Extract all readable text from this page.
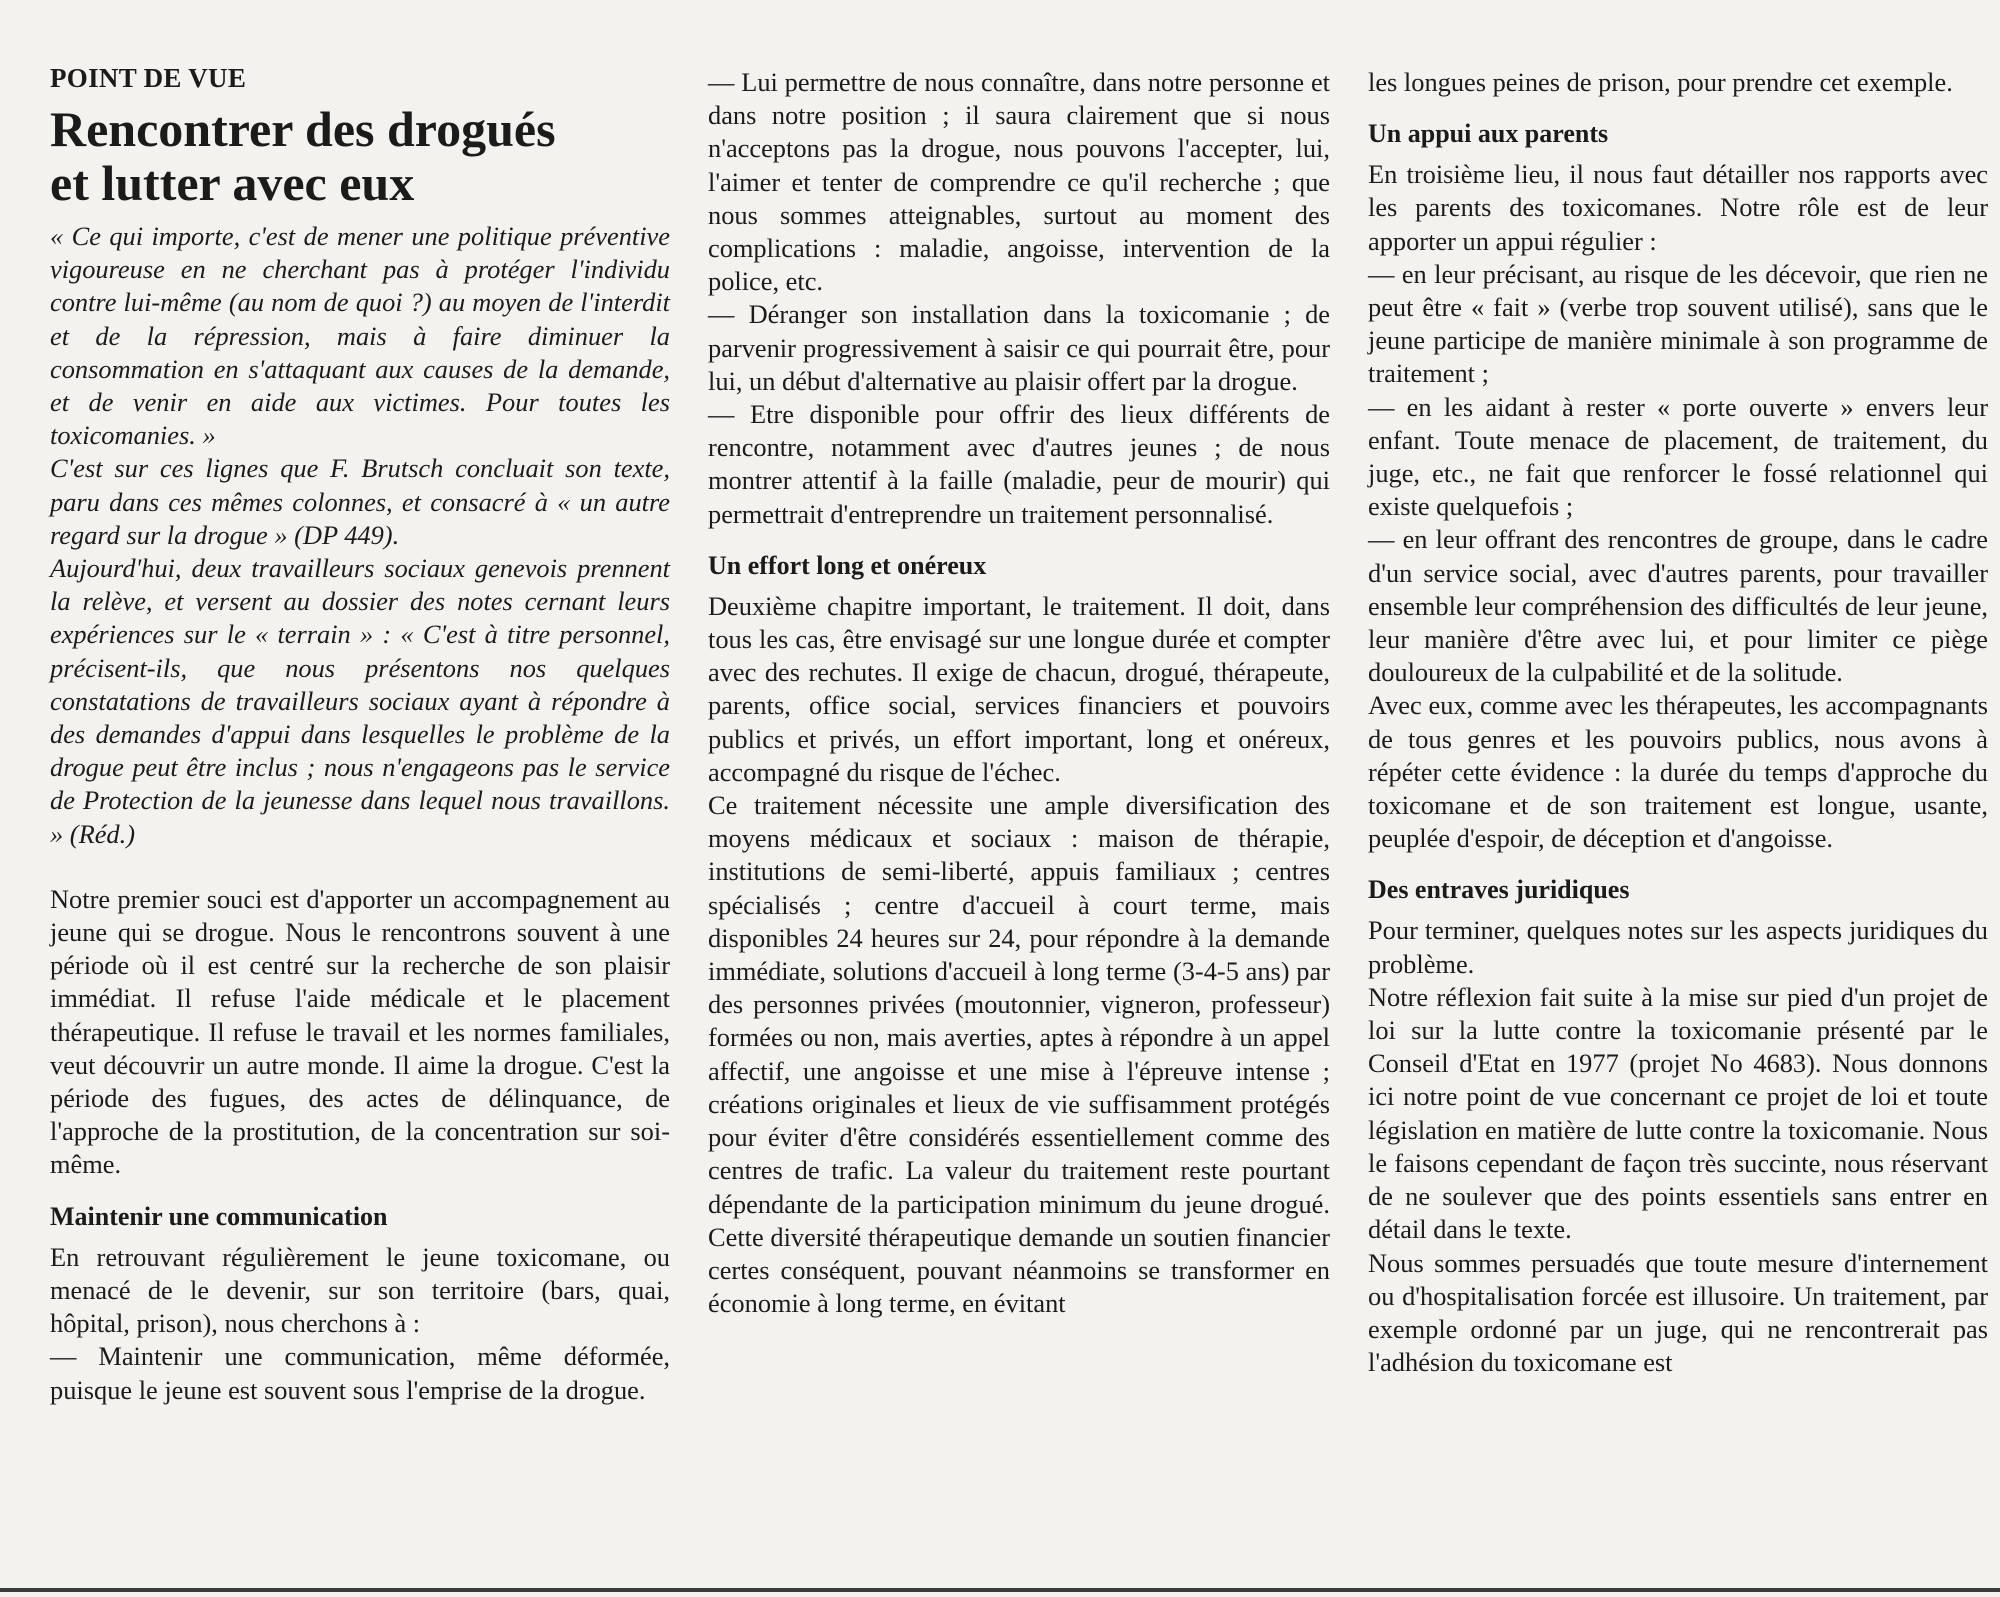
POINT DE VUE
Rencontrer des drogués
et lutter avec eux

« Ce qui importe, c'est de mener une politique préventive vigoureuse en ne cherchant pas à protéger l'individu contre lui-même (au nom de quoi ?) au moyen de l'interdit et de la répression, mais à faire diminuer la consommation en s'attaquant aux causes de la demande, et de venir en aide aux victimes. Pour toutes les toxicomanies. »

C'est sur ces lignes que F. Brutsch concluait son texte, paru dans ces mêmes colonnes, et consacré à « un autre regard sur la drogue » (DP 449).

Aujourd'hui, deux travailleurs sociaux genevois prennent la relève, et versent au dossier des notes cernant leurs expériences sur le « terrain » : « C'est à titre personnel, précisent-ils, que nous présentons nos quelques constatations de travailleurs sociaux ayant à répondre à des demandes d'appui dans lesquelles le problème de la drogue peut être inclus ; nous n'engageons pas le service de Protection de la jeunesse dans lequel nous travaillons. » (Réd.)

Notre premier souci est d'apporter un accompagnement au jeune qui se drogue. Nous le rencontrons souvent à une période où il est centré sur la recherche de son plaisir immédiat. Il refuse l'aide médicale et le placement thérapeutique. Il refuse le travail et les normes familiales, veut découvrir un autre monde. Il aime la drogue. C'est la période des fugues, des actes de délinquance, de l'approche de la prostitution, de la concentration sur soi-même.

Maintenir une communication

En retrouvant régulièrement le jeune toxicomane, ou menacé de le devenir, sur son territoire (bars, quai, hôpital, prison), nous cherchons à :

— Maintenir une communication, même déformée, puisque le jeune est souvent sous l'emprise de la drogue.

— Lui permettre de nous connaître, dans notre personne et dans notre position ; il saura clairement que si nous n'acceptons pas la drogue, nous pouvons l'accepter, lui, l'aimer et tenter de comprendre ce qu'il recherche ; que nous sommes atteignables, surtout au moment des complications : maladie, angoisse, intervention de la police, etc.

— Déranger son installation dans la toxicomanie ; de parvenir progressivement à saisir ce qui pourrait être, pour lui, un début d'alternative au plaisir offert par la drogue.

— Etre disponible pour offrir des lieux différents de rencontre, notamment avec d'autres jeunes ; de nous montrer attentif à la faille (maladie, peur de mourir) qui permettrait d'entreprendre un traitement personnalisé.

Un effort long et onéreux

Deuxième chapitre important, le traitement. Il doit, dans tous les cas, être envisagé sur une longue durée et compter avec des rechutes. Il exige de chacun, drogué, thérapeute, parents, office social, services financiers et pouvoirs publics et privés, un effort important, long et onéreux, accompagné du risque de l'échec.

Ce traitement nécessite une ample diversification des moyens médicaux et sociaux : maison de thérapie, institutions de semi-liberté, appuis familiaux ; centres spécialisés ; centre d'accueil à court terme, mais disponibles 24 heures sur 24, pour répondre à la demande immédiate, solutions d'accueil à long terme (3-4-5 ans) par des personnes privées (moutonnier, vigneron, professeur) formées ou non, mais averties, aptes à répondre à un appel affectif, une angoisse et une mise à l'épreuve intense ; créations originales et lieux de vie suffisamment protégés pour éviter d'être considérés essentiellement comme des centres de trafic. La valeur du traitement reste pourtant dépendante de la participation minimum du jeune drogué. Cette diversité thérapeutique demande un soutien financier certes conséquent, pouvant néanmoins se transformer en économie à long terme, en évitant

les longues peines de prison, pour prendre cet exemple.

Un appui aux parents

En troisième lieu, il nous faut détailler nos rapports avec les parents des toxicomanes. Notre rôle est de leur apporter un appui régulier :

— en leur précisant, au risque de les décevoir, que rien ne peut être « fait » (verbe trop souvent utilisé), sans que le jeune participe de manière minimale à son programme de traitement ;

— en les aidant à rester « porte ouverte » envers leur enfant. Toute menace de placement, de traitement, du juge, etc., ne fait que renforcer le fossé relationnel qui existe quelquefois ;

— en leur offrant des rencontres de groupe, dans le cadre d'un service social, avec d'autres parents, pour travailler ensemble leur compréhension des difficultés de leur jeune, leur manière d'être avec lui, et pour limiter ce piège douloureux de la culpabilité et de la solitude.

Avec eux, comme avec les thérapeutes, les accompagnants de tous genres et les pouvoirs publics, nous avons à répéter cette évidence : la durée du temps d'approche du toxicomane et de son traitement est longue, usante, peuplée d'espoir, de déception et d'angoisse.

Des entraves juridiques

Pour terminer, quelques notes sur les aspects juridiques du problème.

Notre réflexion fait suite à la mise sur pied d'un projet de loi sur la lutte contre la toxicomanie présenté par le Conseil d'Etat en 1977 (projet No 4683). Nous donnons ici notre point de vue concernant ce projet de loi et toute législation en matière de lutte contre la toxicomanie. Nous le faisons cependant de façon très succinte, nous réservant de ne soulever que des points essentiels sans entrer en détail dans le texte.

Nous sommes persuadés que toute mesure d'internement ou d'hospitalisation forcée est illusoire. Un traitement, par exemple ordonné par un juge, qui ne rencontrerait pas l'adhésion du toxicomane est
